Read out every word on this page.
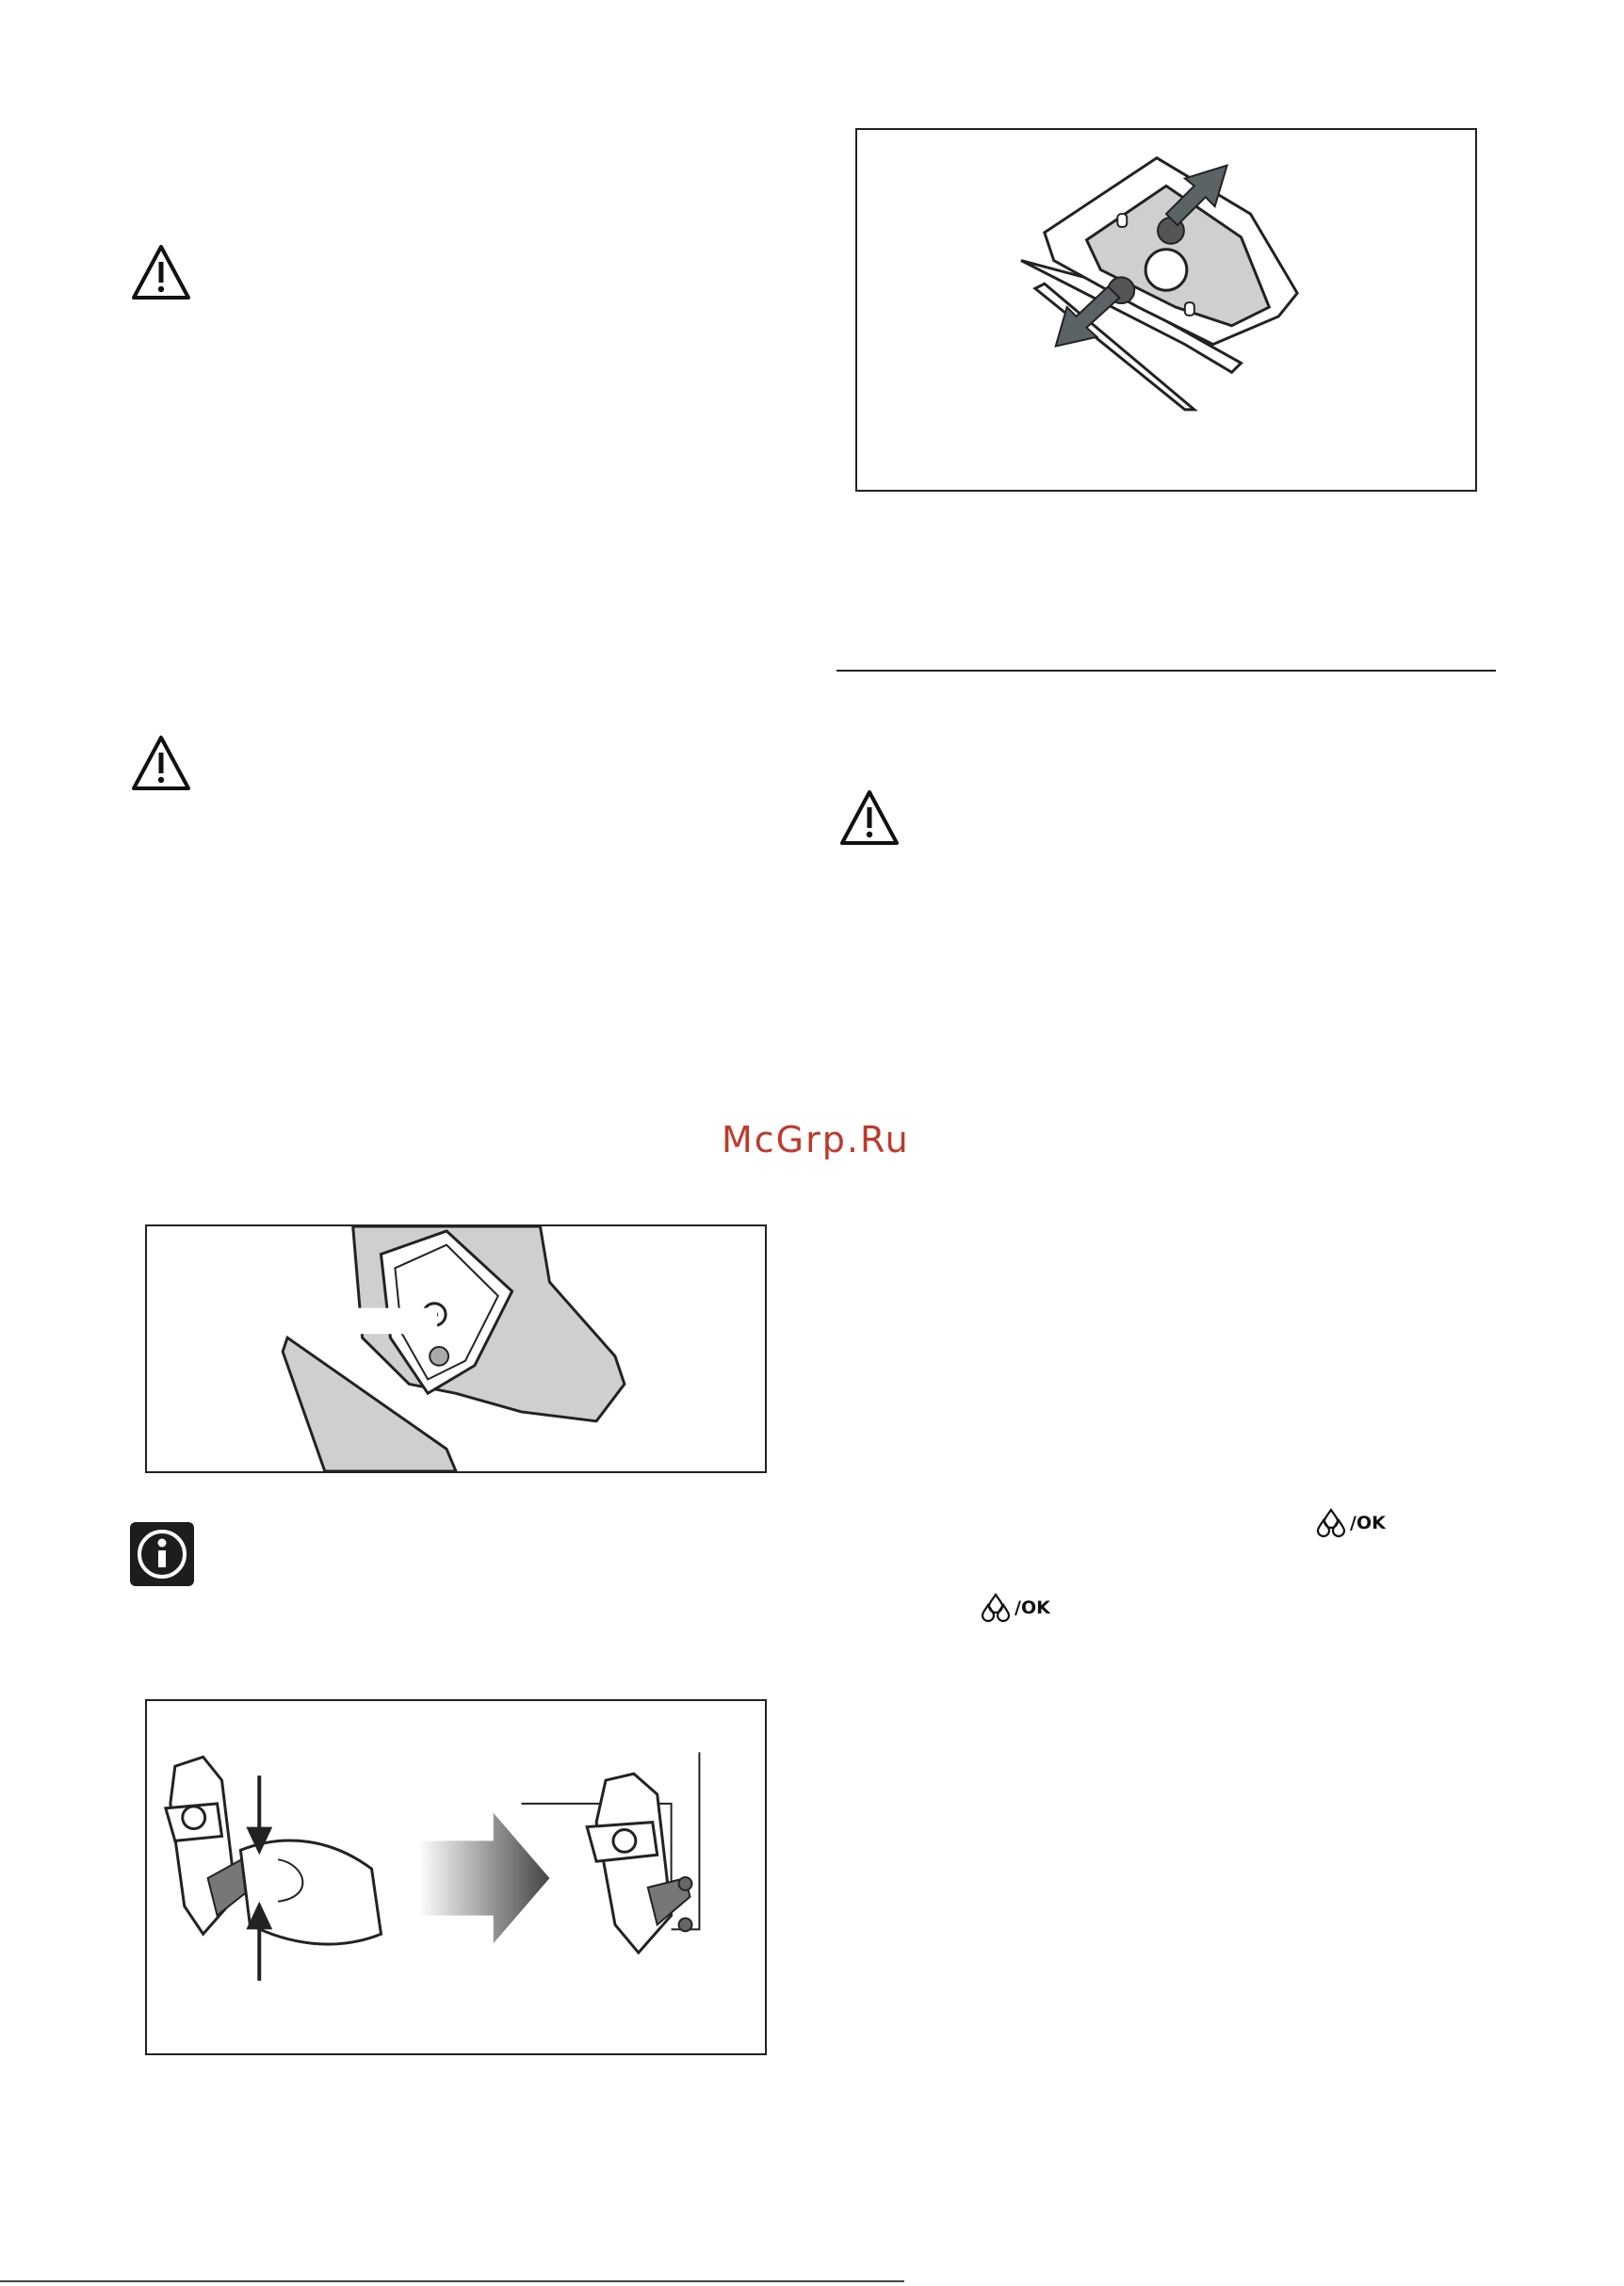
McGrp.Ru
/OK
/OK
